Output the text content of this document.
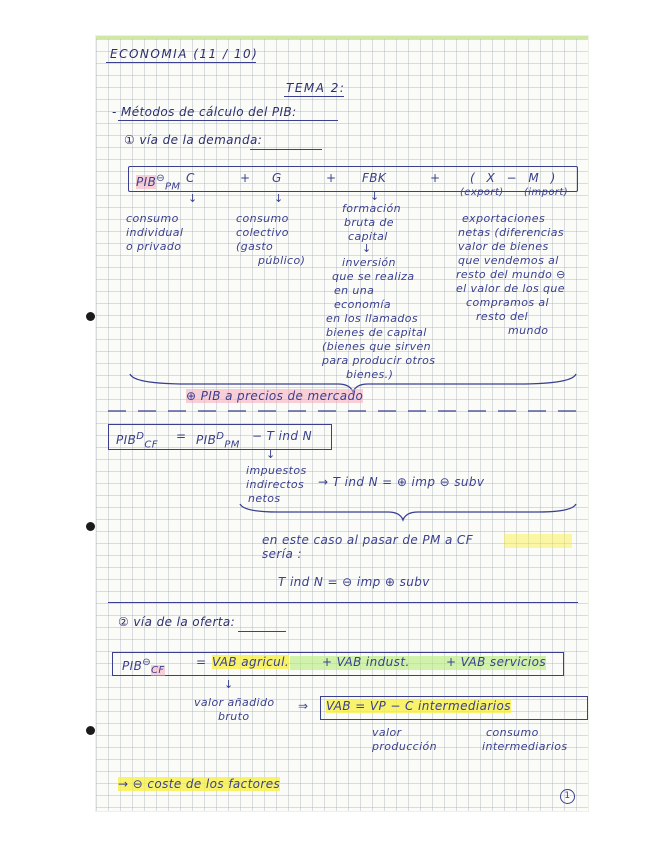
ECONOMIA (11 / 10)
TEMA 2:
- Métodos de cálculo del PIB:
① vía de la demanda:
$PIB^⊖_{PM}$
C	+ G	+ FBK	+ ( X − M )
(export) (import)
↓	↓	↓
consumo
individual
o privado
consumo
colectivo
(gasto
público)
formación
bruta de
capital
↓
inversión
que se realiza
en una
economía
en los llamados
bienes de capital
(bienes que sirven
para producir otros
bienes.)
exportaciones
netas (diferencias
valor de bienes
que vendemos al
resto del mundo ⊖
el valor de los que
compramos al
resto del
mundo
⊕ PIB a precios de mercado
$PIB^D_{CF}$
= $PIB^D_{PM}$
− T ind N
↓
impuestos
indirectos
netos
→ T ind N = ⊕ imp ⊖ subv
en este caso al pasar de PM a CF
sería :
T ind N = ⊖ imp ⊕ subv
② vía de la oferta:
$PIB^⊖_{CF}$
= VAB agricul.	+ VAB indust.	+ VAB servicios
↓
valor añadido
bruto
⇒ VAB = VP − C intermediarios
valor
producción
consumo
intermediarios
→ ⊖ coste de los factores
1
